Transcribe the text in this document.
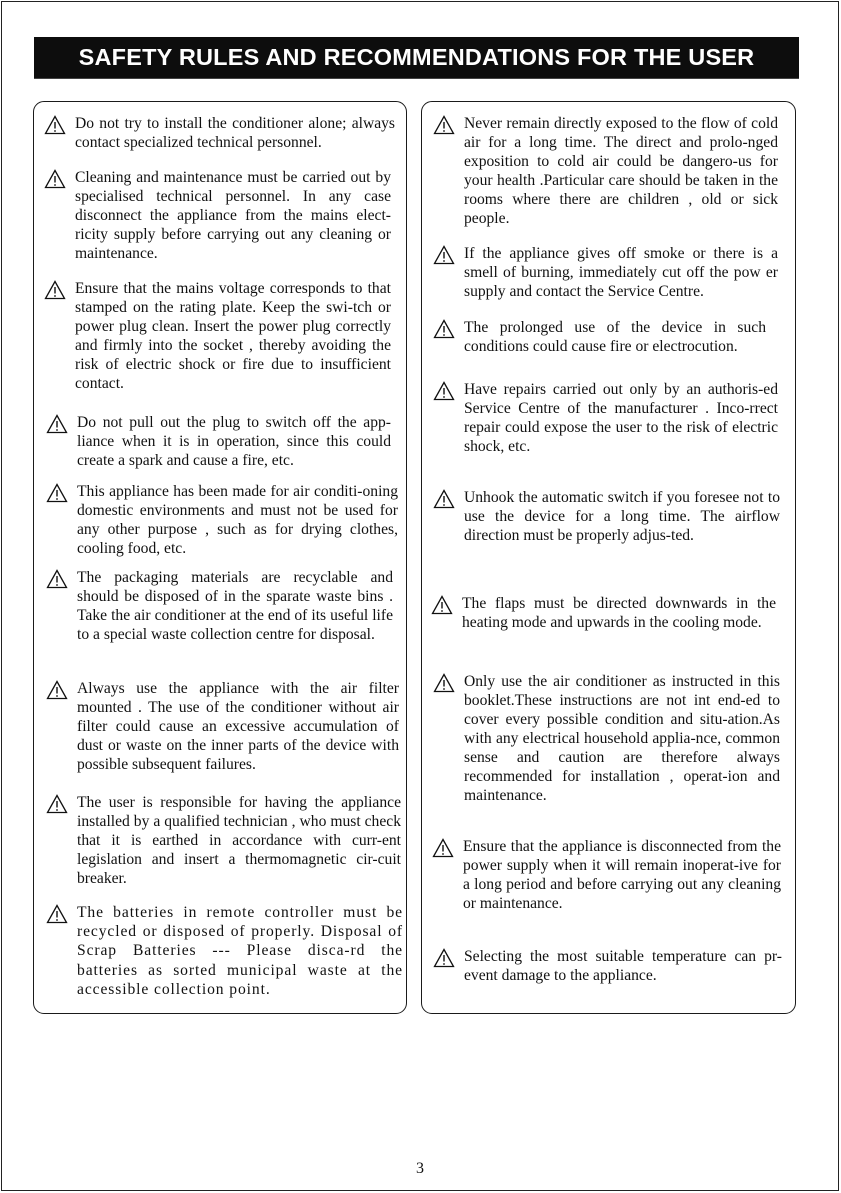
SAFETY RULES AND RECOMMENDATIONS FOR THE USER

Do not try to install the conditioner alone; always contact specialized technical personnel.

Cleaning and maintenance must be carried out by specialised technical personnel. In any case disconnect the appliance from the mains elect-ricity supply before carrying out any cleaning or maintenance.

Ensure that the mains voltage corresponds to that stamped on the rating plate. Keep the swi-tch or power plug clean. Insert the power plug correctly and firmly into the socket , thereby avoiding the risk of electric shock or fire due to insufficient contact.

Do not pull out the plug to switch off the app-liance when it is in operation, since this could create a spark and cause a fire, etc.

This appliance has been made for air conditi-oning domestic environments and must not be used for any other purpose , such as for drying clothes, cooling food, etc.

The packaging materials are recyclable and should be disposed of in the sparate waste bins . Take the air conditioner at the end of its useful life to a special waste collection centre for disposal.

Always use the appliance with the air filter mounted . The use of the conditioner without air filter could cause an excessive accumulation of dust or waste on the inner parts of the device with possible subsequent failures.

The user is responsible for having the appliance installed by a qualified technician , who must check that it is earthed in accordance with curr-ent legislation and insert a thermomagnetic cir-cuit breaker.

The batteries in remote controller must be recycled or disposed of properly. Disposal of Scrap Batteries --- Please disca-rd the batteries as sorted municipal waste at the accessible collection point.

Never remain directly exposed to the flow of cold air for a long time. The direct and prolo-nged exposition to cold air could be dangero-us for your health .Particular care should be taken in the rooms where there are children , old or sick people.

If the appliance gives off smoke or there is a smell of burning, immediately cut off the pow er supply and contact the Service Centre.

The prolonged use of the device in such conditions could cause fire or electrocution.

Have repairs carried out only by an authoris-ed Service Centre of the manufacturer . Inco-rrect repair could expose the user to the risk of electric shock, etc.

Unhook the automatic switch if you foresee not to use the device for a long time. The airflow direction must be properly adjus-ted.

The flaps must be directed downwards in the heating mode and upwards in the cooling mode.

Only use the air conditioner as instructed in this booklet.These instructions are not int end-ed to cover every possible condition and situ-ation.As with any electrical household applia-nce, common sense and caution are therefore always recommended for installation , operat-ion and maintenance.

Ensure that the appliance is disconnected from the power supply when it will remain inoperat-ive for a long period and before carrying out any cleaning or maintenance.

Selecting the most suitable temperature can pr-event damage to the appliance.

3
